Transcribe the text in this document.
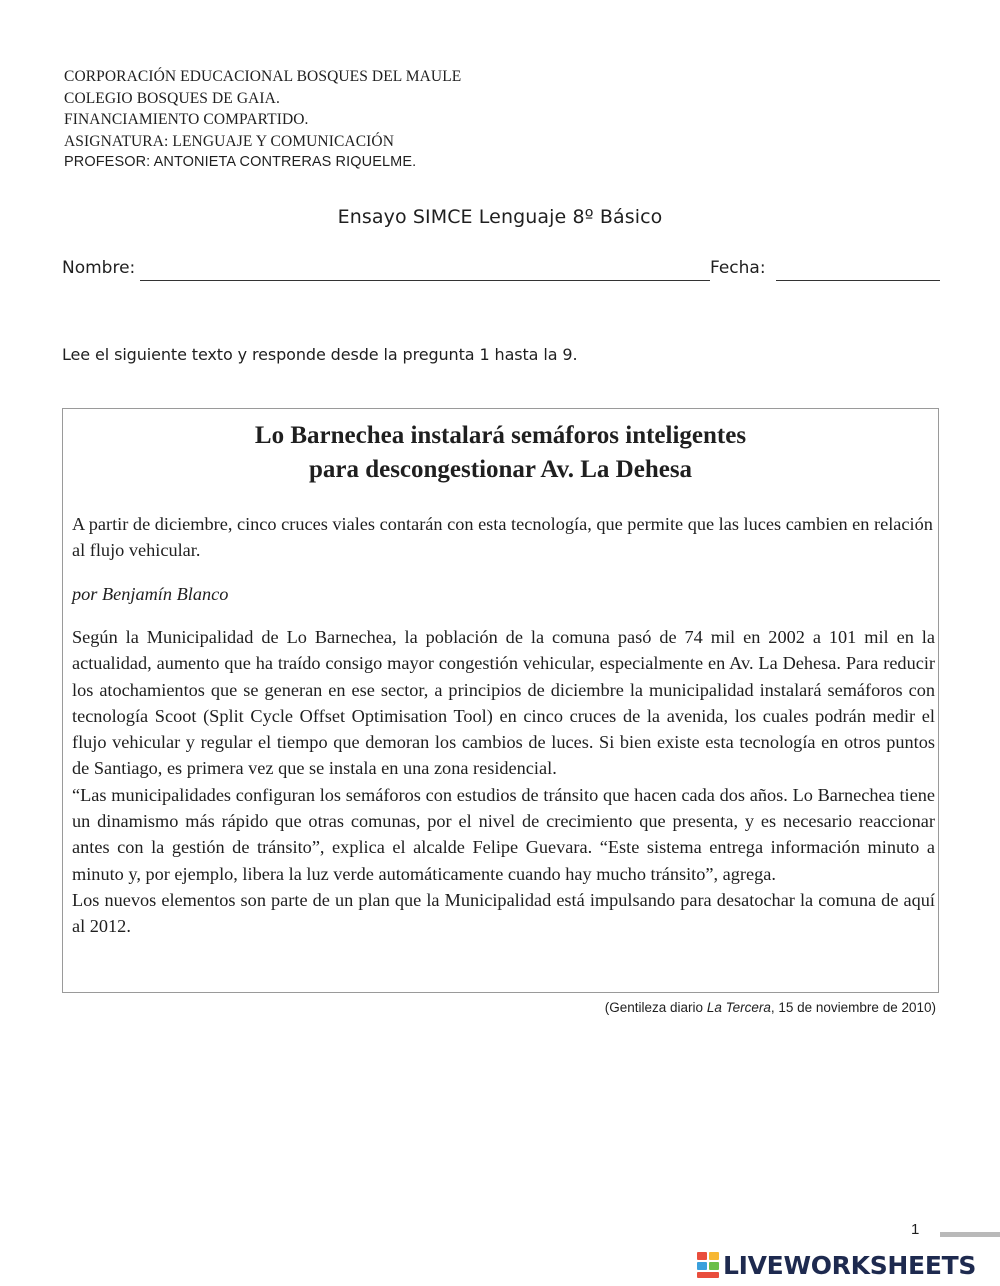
CORPORACIÓN EDUCACIONAL BOSQUES DEL MAULE
COLEGIO BOSQUES DE GAIA.
FINANCIAMIENTO COMPARTIDO.
ASIGNATURA: LENGUAJE Y COMUNICACIÓN
PROFESOR: ANTONIETA CONTRERAS RIQUELME.
Ensayo SIMCE Lenguaje 8º Básico
Nombre:	Fecha:
Lee el siguiente texto y responde desde la pregunta 1 hasta la 9.
Lo Barnechea instalará semáforos inteligentes
para descongestionar Av. La Dehesa
A partir de diciembre, cinco cruces viales contarán con esta tecnología, que permite que las luces cambien en relación al flujo vehicular.
por Benjamín Blanco

Según la Municipalidad de Lo Barnechea, la población de la comuna pasó de 74 mil en 2002 a 101 mil en la actualidad, aumento que ha traído consigo mayor congestión vehicular, especialmente en Av. La Dehesa. Para reducir los atochamientos que se generan en ese sector, a principios de diciembre la municipalidad instalará semáforos con tecnología Scoot (Split Cycle Offset Optimisation Tool) en cinco cruces de la avenida, los cuales podrán medir el flujo vehicular y regular el tiempo que demoran los cambios de luces. Si bien existe esta tecnología en otros puntos de Santiago, es primera vez que se instala en una zona residencial.

“Las municipalidades configuran los semáforos con estudios de tránsito que hacen cada dos años. Lo Barnechea tiene un dinamismo más rápido que otras comunas, por el nivel de crecimiento que presenta, y es necesario reaccionar antes con la gestión de tránsito”, explica el alcalde Felipe Guevara. “Este sistema entrega información minuto a minuto y, por ejemplo, libera la luz verde automáticamente cuando hay mucho tránsito”, agrega.

Los nuevos elementos son parte de un plan que la Municipalidad está impulsando para desatochar la comuna de aquí al 2012.

(Gentileza diario La Tercera, 15 de noviembre de 2010)
1
LIVEWORKSHEETS
